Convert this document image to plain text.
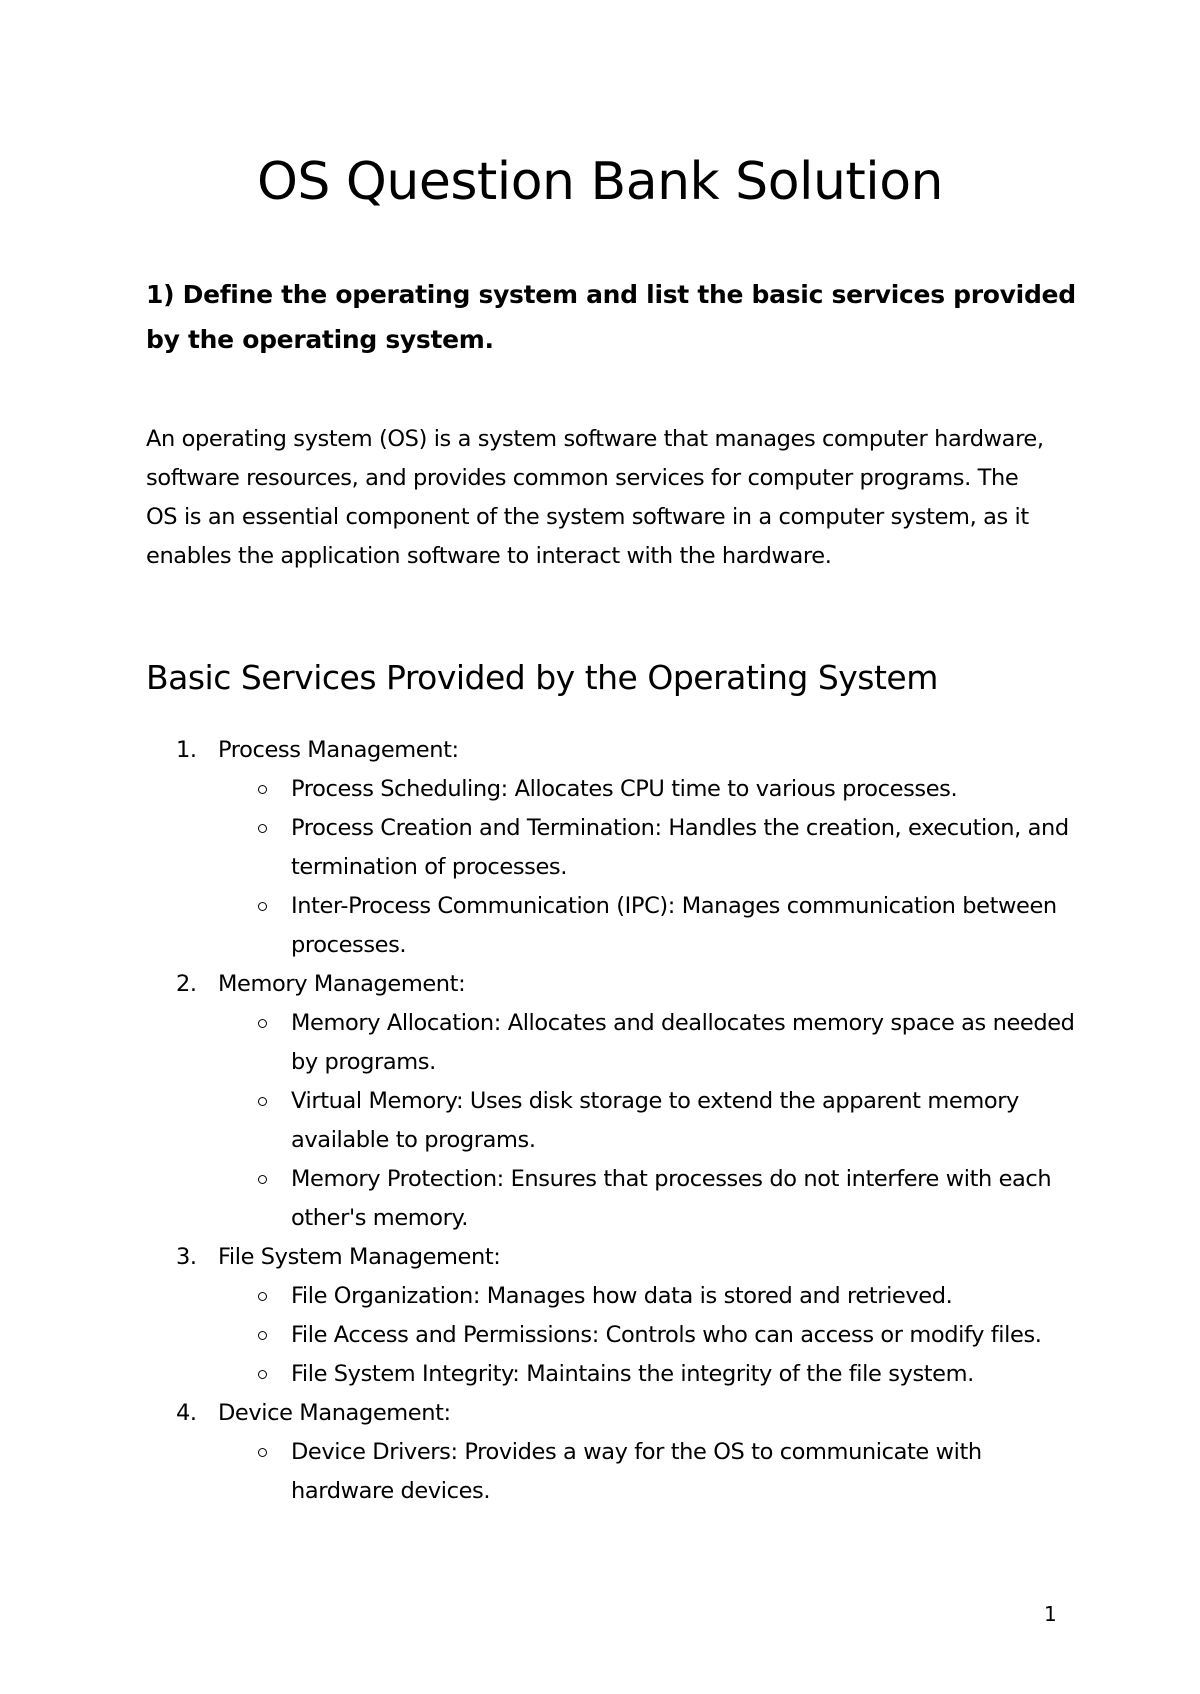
OS Question Bank Solution

1) Define the operating system and list the basic services provided by the operating system.

An operating system (OS) is a system software that manages computer hardware, software resources, and provides common services for computer programs. The OS is an essential component of the system software in a computer system, as it enables the application software to interact with the hardware.

Basic Services Provided by the Operating System
1. Process Management:
Process Scheduling: Allocates CPU time to various processes.
Process Creation and Termination: Handles the creation, execution, and termination of processes.
Inter-Process Communication (IPC): Manages communication between processes.
2. Memory Management:
Memory Allocation: Allocates and deallocates memory space as needed by programs.
Virtual Memory: Uses disk storage to extend the apparent memory available to programs.
Memory Protection: Ensures that processes do not interfere with each other's memory.
3. File System Management:
File Organization: Manages how data is stored and retrieved.
File Access and Permissions: Controls who can access or modify files.
File System Integrity: Maintains the integrity of the file system.
4. Device Management:
Device Drivers: Provides a way for the OS to communicate with hardware devices.
1
